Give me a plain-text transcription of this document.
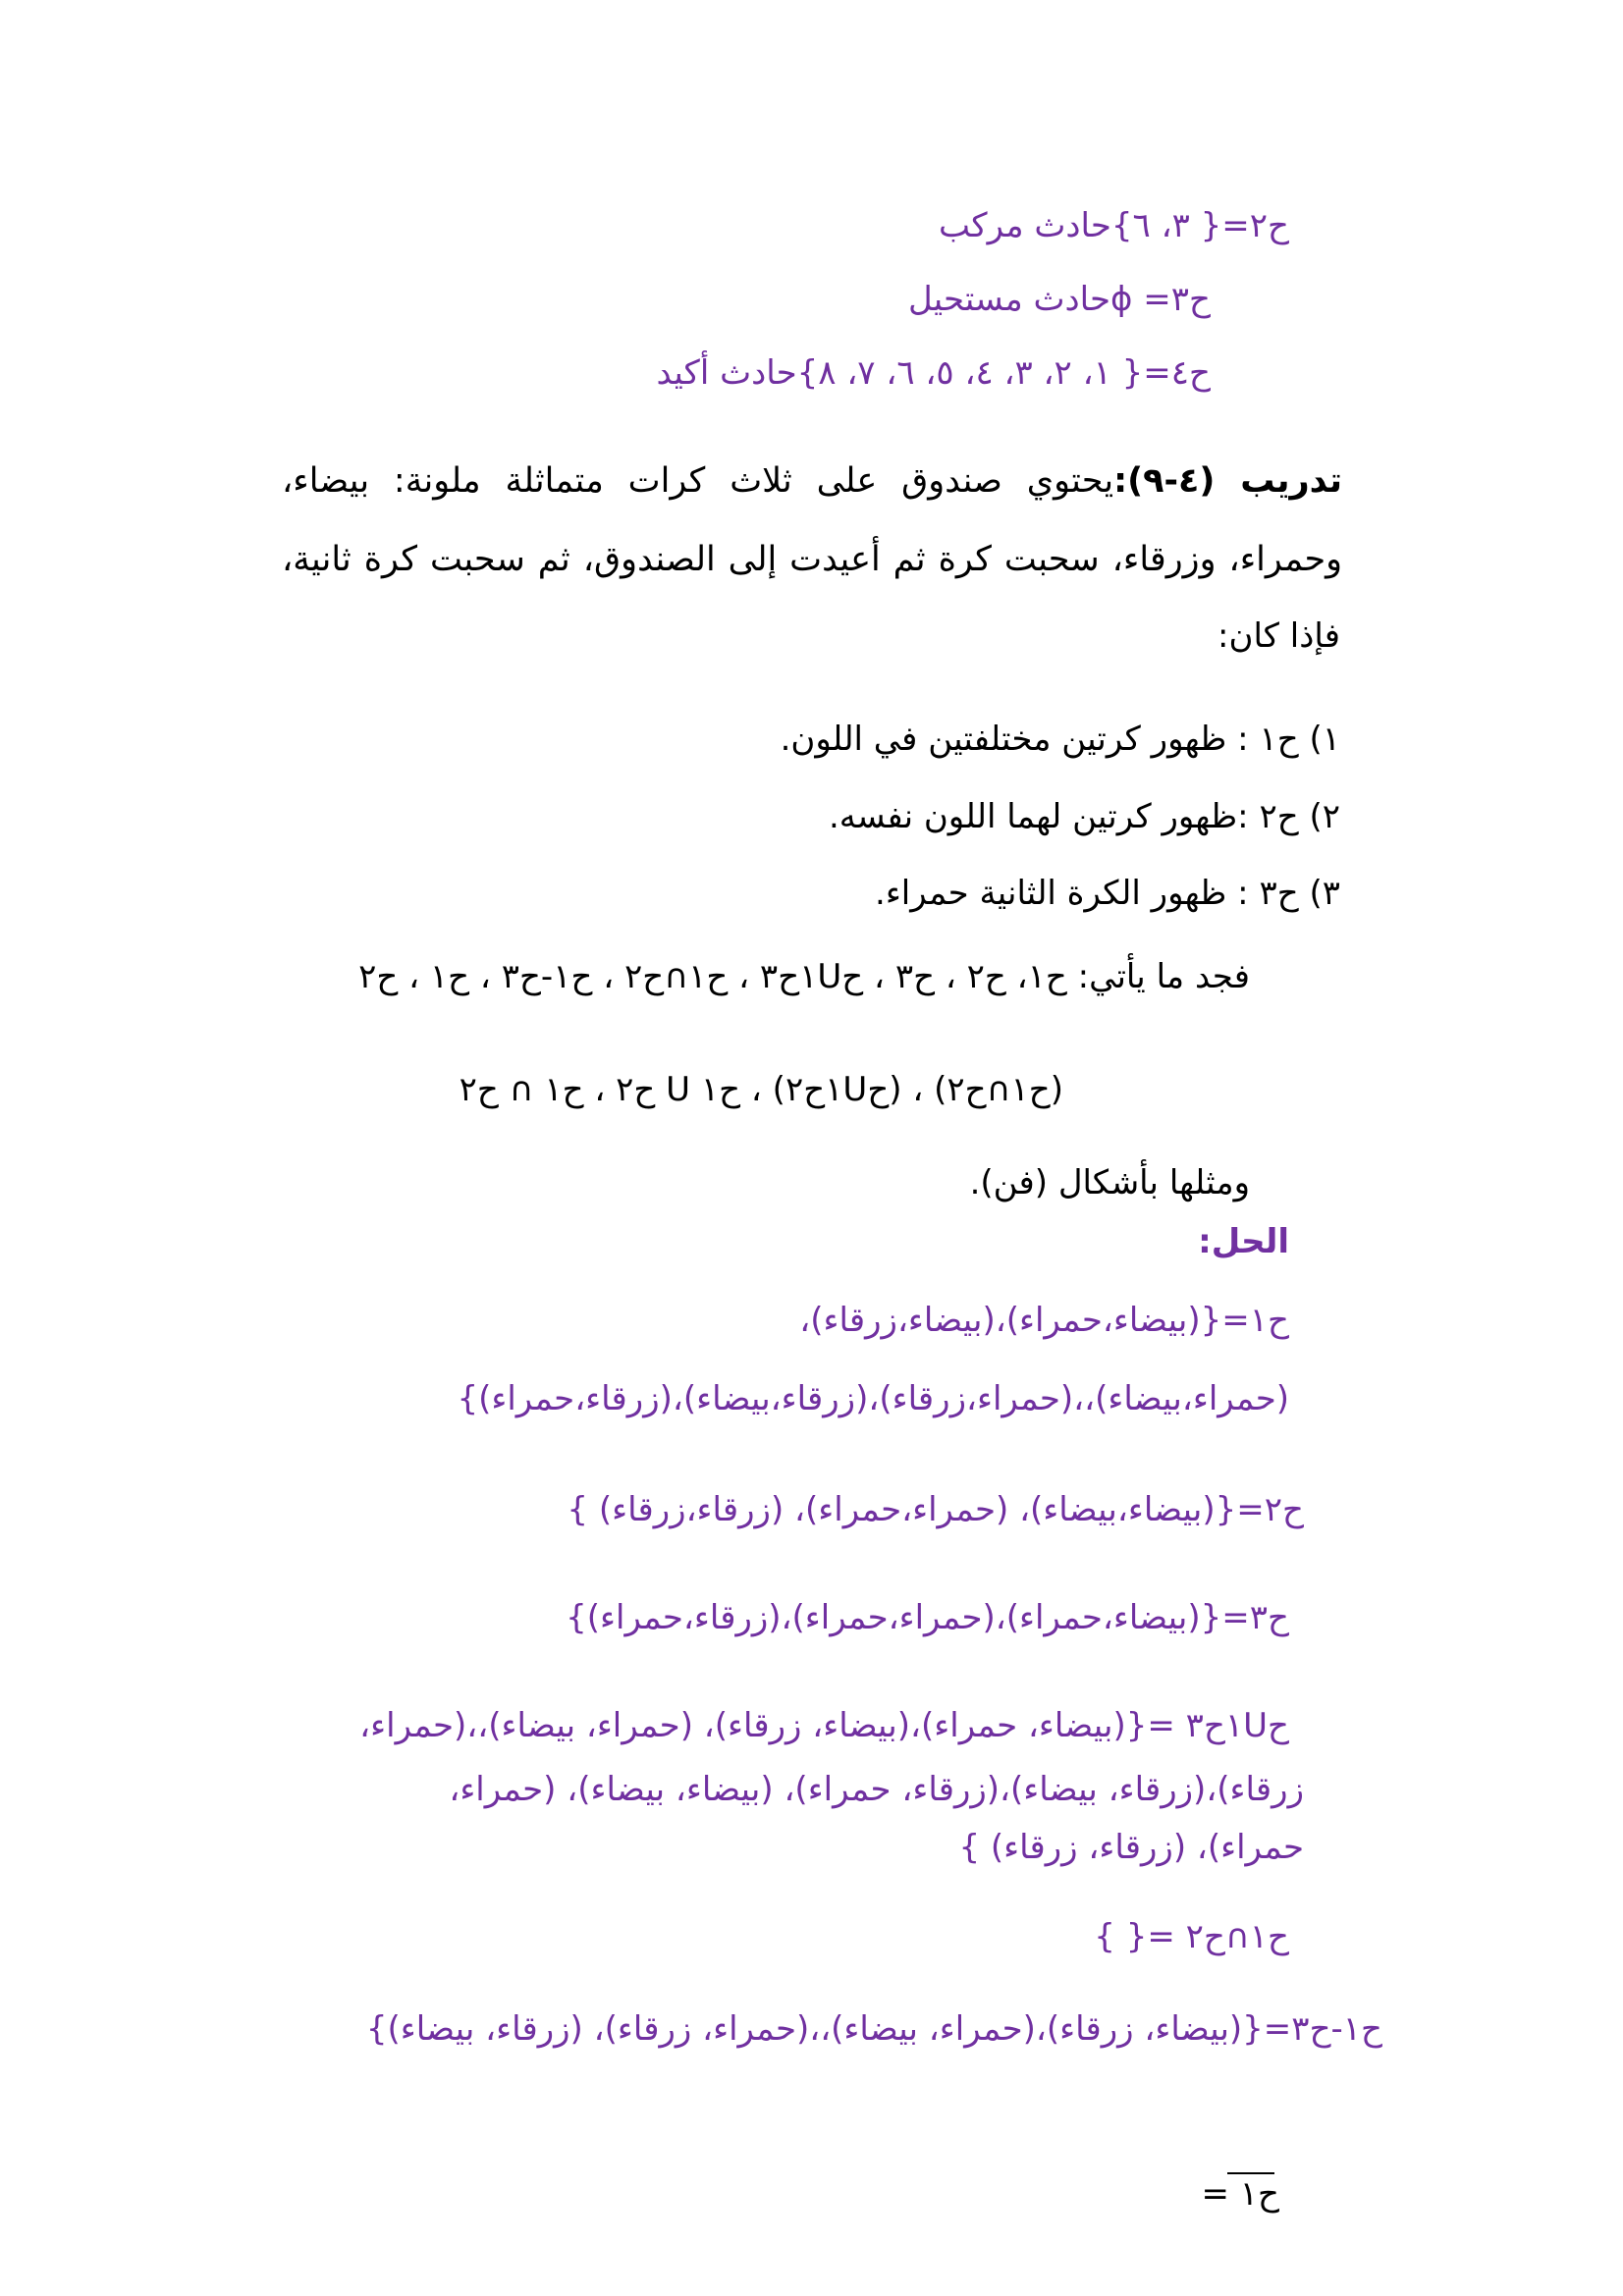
ح٢={ ٣، ٦}حادث مركب
ح٣= ɸحادث مستحيل
ح٤={ ١، ٢، ٣، ٤، ٥، ٦، ٧، ٨}حادث أكيد
تدريب (٤-٩):يحتوي صندوق على ثلاث كرات متماثلة ملونة: بيضاء،
وحمراء، وزرقاء، سحبت كرة ثم أعيدت إلى الصندوق، ثم سحبت كرة ثانية،
فإذا كان:
١) ح١ : ظهور كرتين مختلفتين في اللون.
٢) ح٢ :ظهور كرتين لهما اللون نفسه.
٣) ح٣ : ظهور الكرة الثانية حمراء.
فجد ما يأتي: ح١، ح٢ ، ح٣ ، ح١Uح٣ ، ح١∩ح٢ ، ح١-ح٣ ، ح١ ، ح٢
(ح١∩ح٢) ، (ح١Uح٢) ، ح١ U ح٢ ، ح١ ∩ ح٢
ومثلها بأشكال (فن).
الحل:
ح١={(بيضاء،حمراء)،(بيضاء،زرقاء)،
(حمراء،بيضاء)،،(حمراء،زرقاء)،(زرقاء،بيضاء)،(زرقاء،حمراء)}
ح٢={(بيضاء،بيضاء)، (حمراء،حمراء)، (زرقاء،زرقاء) }
ح٣={(بيضاء،حمراء)،(حمراء،حمراء)،(زرقاء،حمراء)}
ح١Uح٣ ={(بيضاء، حمراء)،(بيضاء، زرقاء)، (حمراء، بيضاء)،،(حمراء،
زرقاء)،(زرقاء، بيضاء)،(زرقاء، حمراء)، (بيضاء، بيضاء)، (حمراء،
حمراء)، (زرقاء، زرقاء) }
ح١∩ح٢ ={ }
ح١-ح٣={(بيضاء، زرقاء)،(حمراء، بيضاء)،،(حمراء، زرقاء)، (زرقاء، بيضاء)}
ح١ =
